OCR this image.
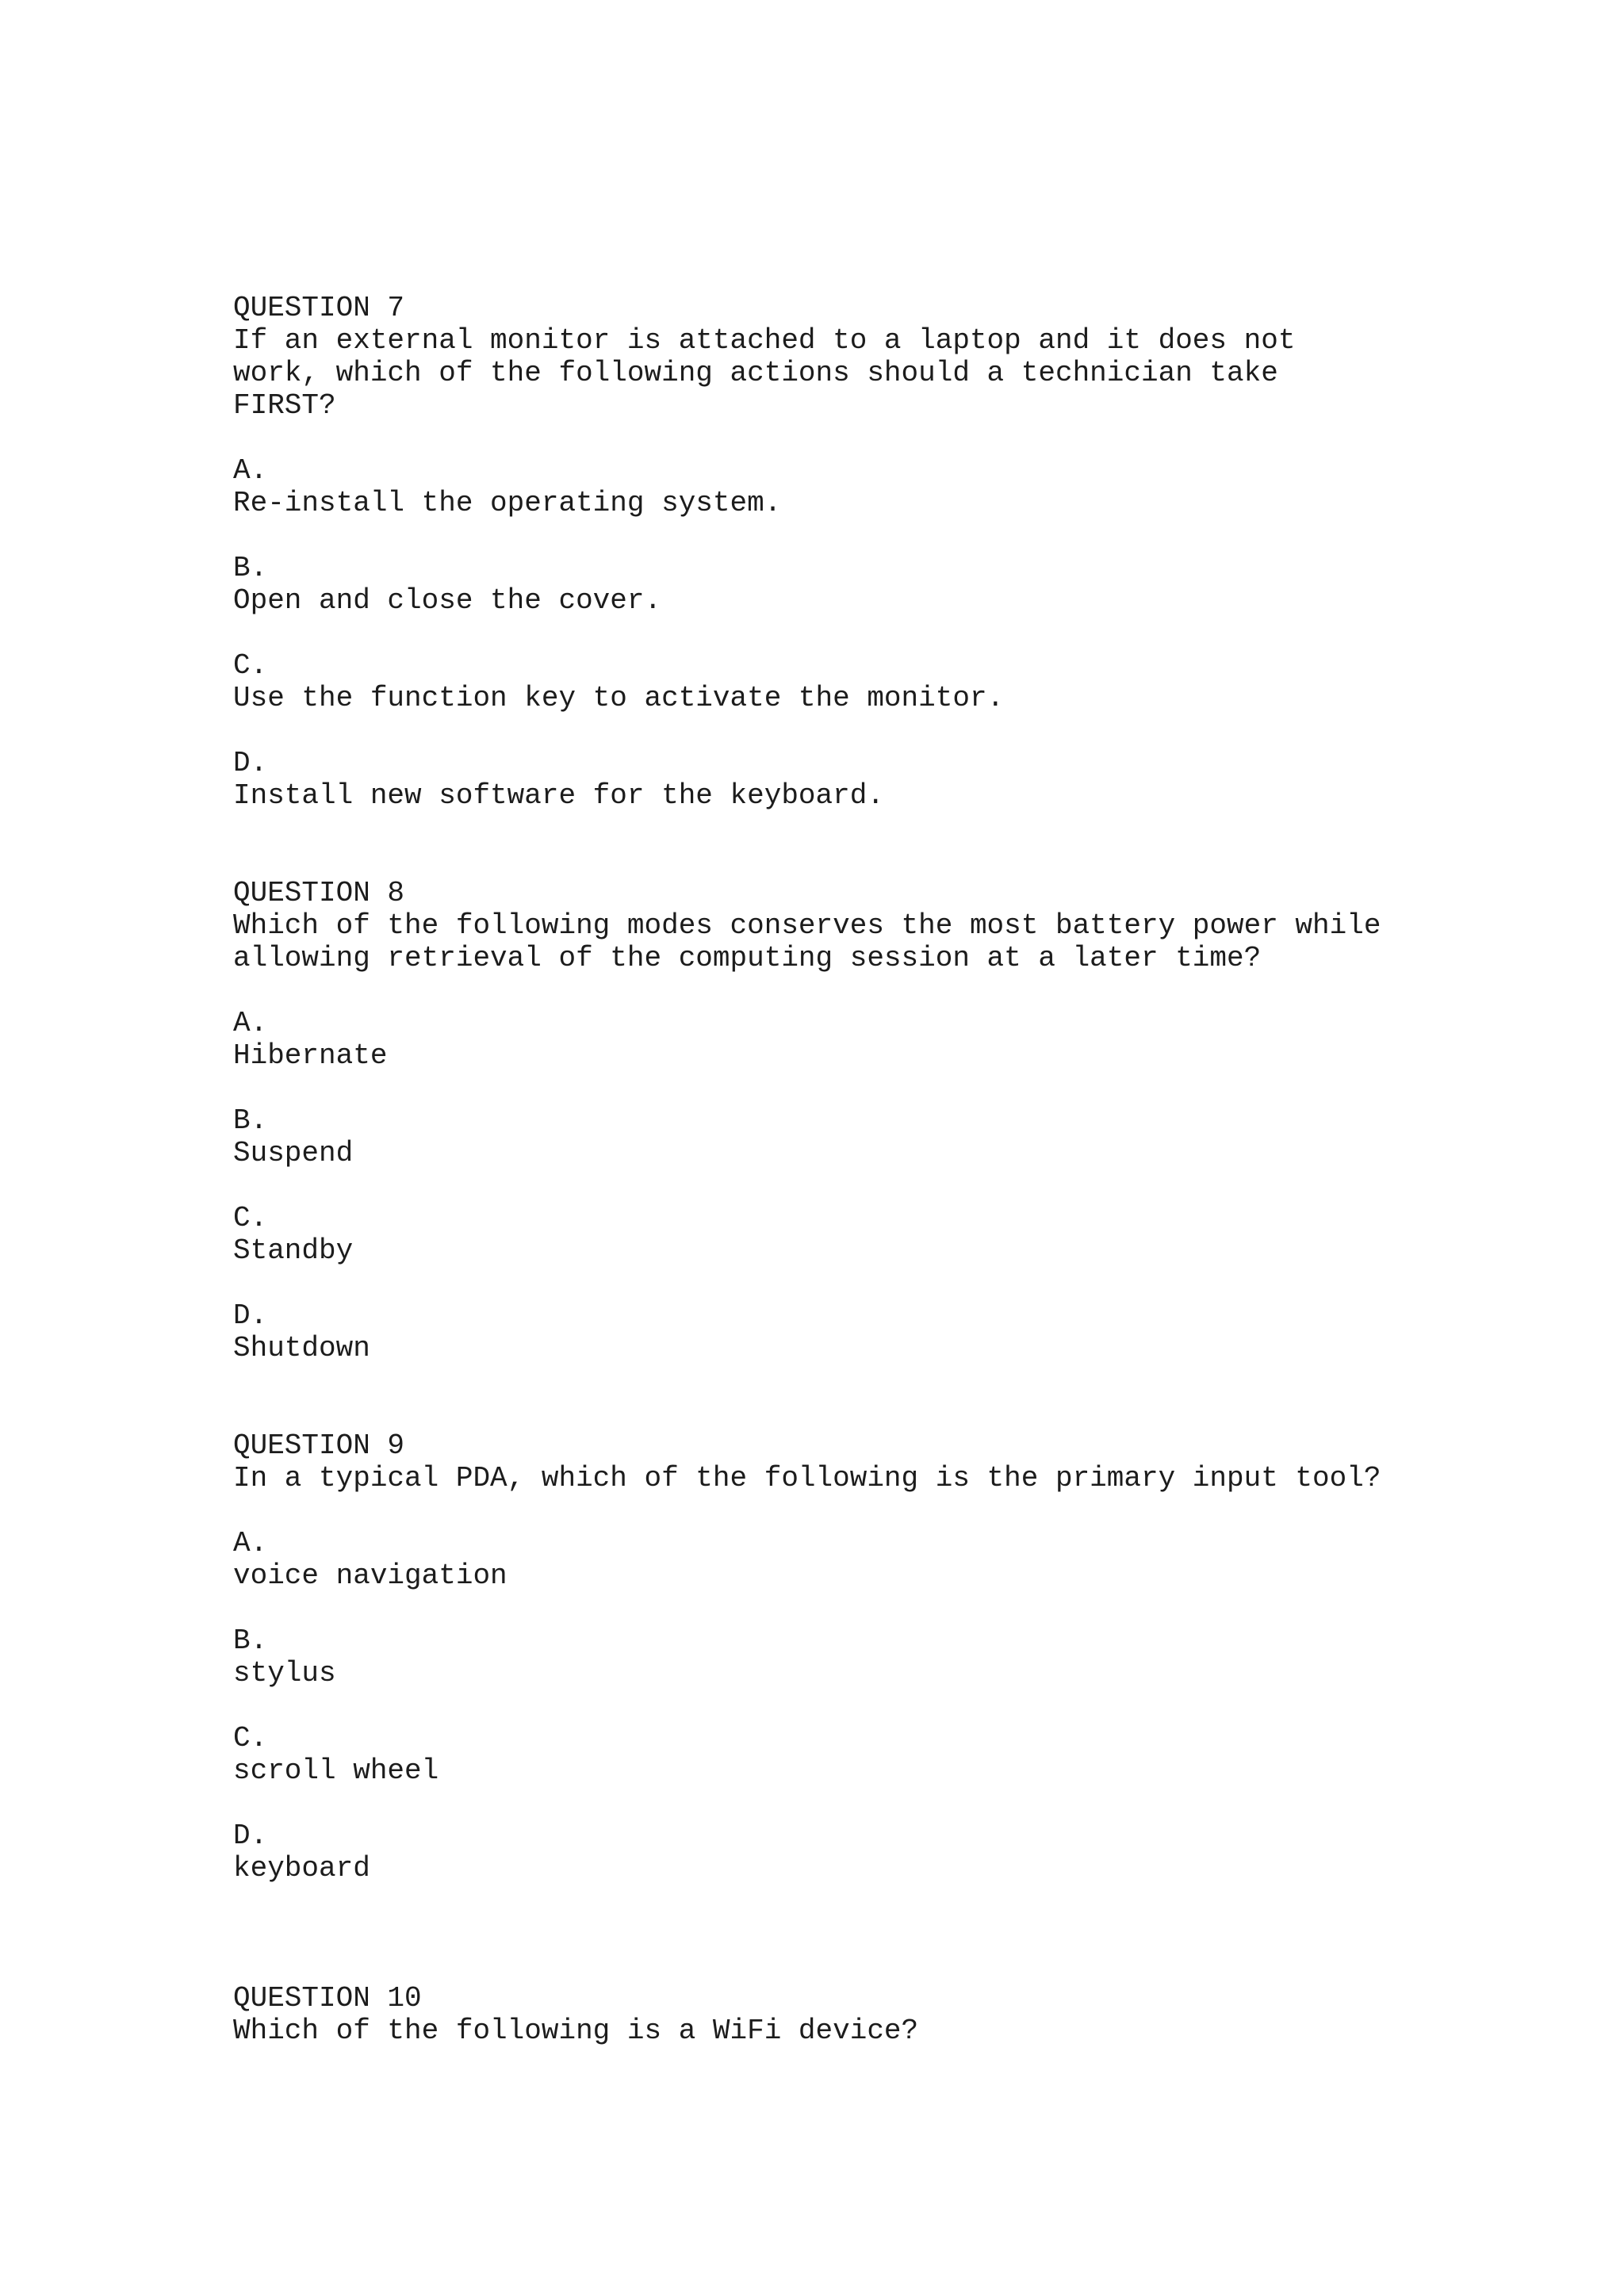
QUESTION 7

If an external monitor is attached to a laptop and it does not

work, which of the following actions should a technician take

FIRST?

A.

Re-install the operating system.

B.

Open and close the cover.

C.

Use the function key to activate the monitor.

D.

Install new software for the keyboard.

QUESTION 8

Which of the following modes conserves the most battery power while

allowing retrieval of the computing session at a later time?

A.

Hibernate

B.

Suspend

C.

Standby

D.

Shutdown

QUESTION 9

In a typical PDA, which of the following is the primary input tool?

A.

voice navigation

B.

stylus

C.

scroll wheel

D.

keyboard

QUESTION 10

Which of the following is a WiFi device?
